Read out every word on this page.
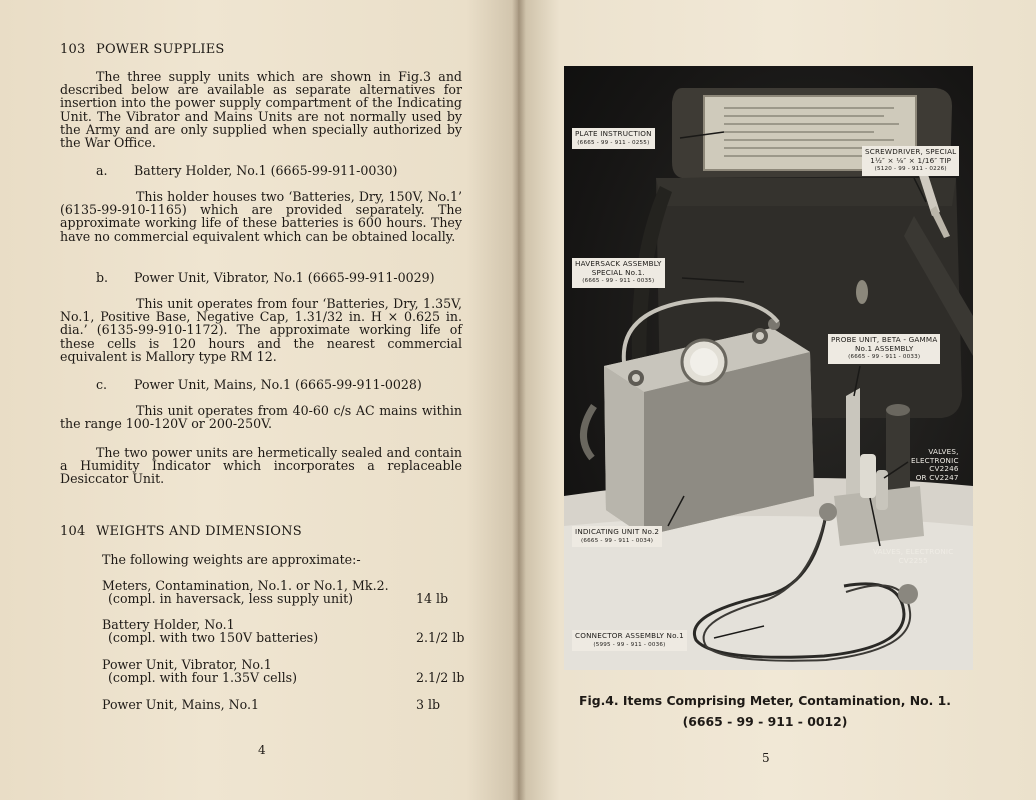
103 POWER SUPPLIES
The three supply units which are shown in Fig.3 and described below are available as separate alternatives for insertion into the power supply compartment of the Indicating Unit. The Vibrator and Mains Units are not normally used by the Army and are only supplied when specially authorized by the War Office.
a. Battery Holder, No.1 (6665-99-911-0030)
This holder houses two ‘Batteries, Dry, 150V, No.1’ (6135-99-910-1165) which are provided separately. The approximate working life of these batteries is 600 hours. They have no commercial equivalent which can be obtained locally.
b. Power Unit, Vibrator, No.1 (6665-99-911-0029)
This unit operates from four ‘Batteries, Dry, 1.35V, No.1, Positive Base, Negative Cap, 1.31/32 in. H × 0.625 in. dia.’ (6135-99-910-1172). The approximate working life of these cells is 120 hours and the nearest commercial equivalent is Mallory type RM 12.
c. Power Unit, Mains, No.1 (6665-99-911-0028)
This unit operates from 40-60 c/s AC mains within the range 100-120V or 200-250V.
The two power units are hermetically sealed and contain a Humidity Indicator which incorporates a replaceable Desiccator Unit.
104 WEIGHTS AND DIMENSIONS
The following weights are approximate:-
Meters, Contamination, No.1. or No.1, Mk.2.
(compl. in haversack, less supply unit)	14 lb
Battery Holder, No.1
(compl. with two 150V batteries)	2.1/2 lb
Power Unit, Vibrator, No.1
(compl. with four 1.35V cells)	2.1/2 lb
Power Unit, Mains, No.1	3 lb
4
PLATE INSTRUCTION
(6665 - 99 - 911 - 0255)
SCREWDRIVER, SPECIAL
1½″ × ⅛″ × 1/16″ TIP
(5120 - 99 - 911 - 0226)
HAVERSACK ASSEMBLY
SPECIAL No.1.
(6665 - 99 - 911 - 0035)
PROBE UNIT, BETA - GAMMA
No.1 ASSEMBLY
(6665 - 99 - 911 - 0033)
VALVES,
ELECTRONIC
CV2246
OR CV2247
INDICATING UNIT No.2
(6665 - 99 - 911 - 0034)
VALVES, ELECTRONIC
CV2255
CONNECTOR ASSEMBLY No.1
(5995 - 99 - 911 - 0036)
Fig.4. Items Comprising Meter, Contamination, No. 1.
(6665 - 99 - 911 - 0012)
5
